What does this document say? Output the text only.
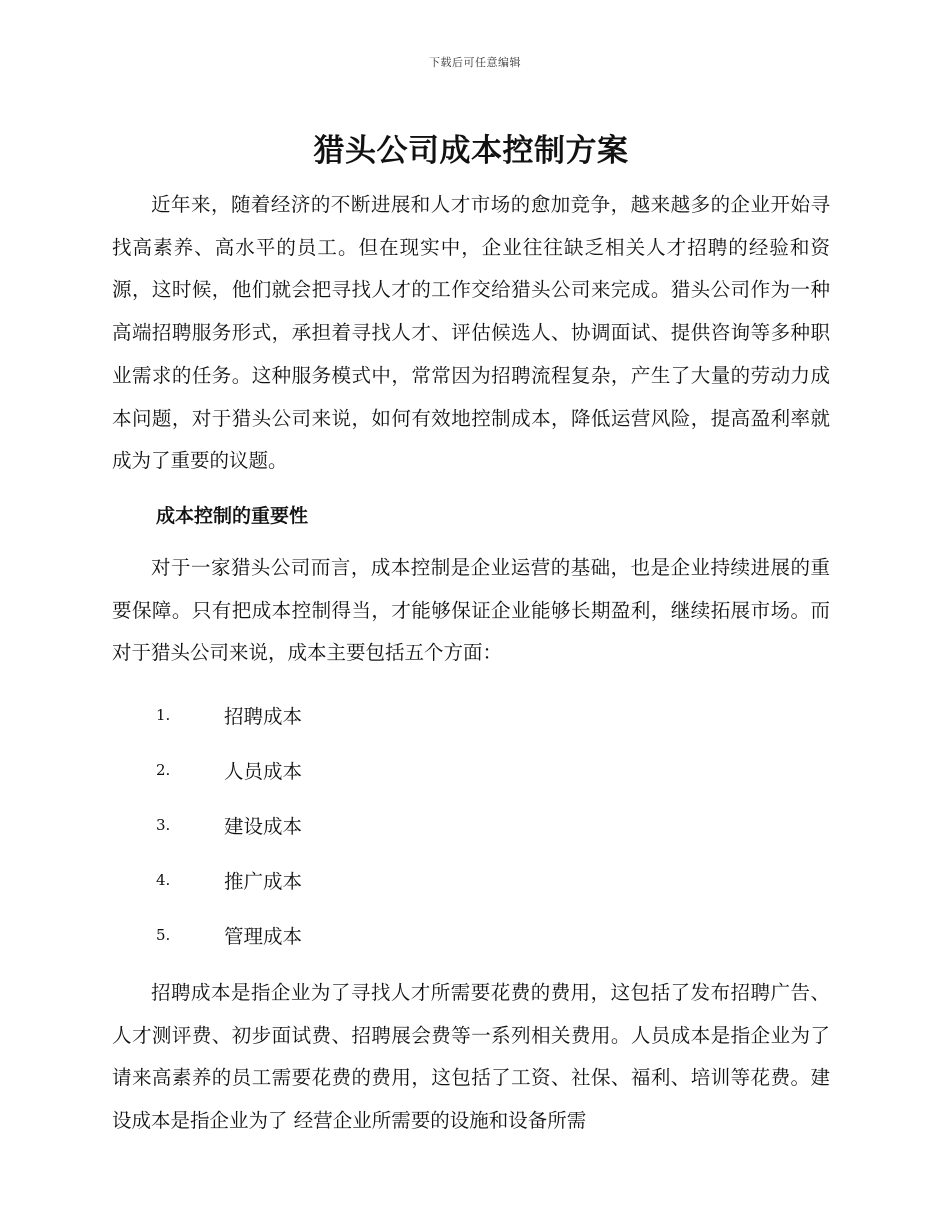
下载后可任意编辑
猎头公司成本控制方案

近年来，随着经济的不断进展和人才市场的愈加竞争，越来越多的企业开始寻找高素养、高水平的员工。但在现实中，企业往往缺乏相关人才招聘的经验和资源，这时候，他们就会把寻找人才的工作交给猎头公司来完成。猎头公司作为一种高端招聘服务形式，承担着寻找人才、评估候选人、协调面试、提供咨询等多种职业需求的任务。这种服务模式中，常常因为招聘流程复杂，产生了大量的劳动力成本问题，对于猎头公司来说，如何有效地控制成本，降低运营风险，提高盈利率就成为了重要的议题。

成本控制的重要性

对于一家猎头公司而言，成本控制是企业运营的基础，也是企业持续进展的重要保障。只有把成本控制得当，才能够保证企业能够长期盈利，继续拓展市场。而对于猎头公司来说，成本主要包括五个方面：

1.	招聘成本
2.	人员成本
3.	建设成本
4.	推广成本
5.	管理成本

招聘成本是指企业为了寻找人才所需要花费的费用，这包括了发布招聘广告、人才测评费、初步面试费、招聘展会费等一系列相关费用。人员成本是指企业为了请来高素养的员工需要花费的费用，这包括了工资、社保、福利、培训等花费。建设成本是指企业为了 经营企业所需要的设施和设备所需
